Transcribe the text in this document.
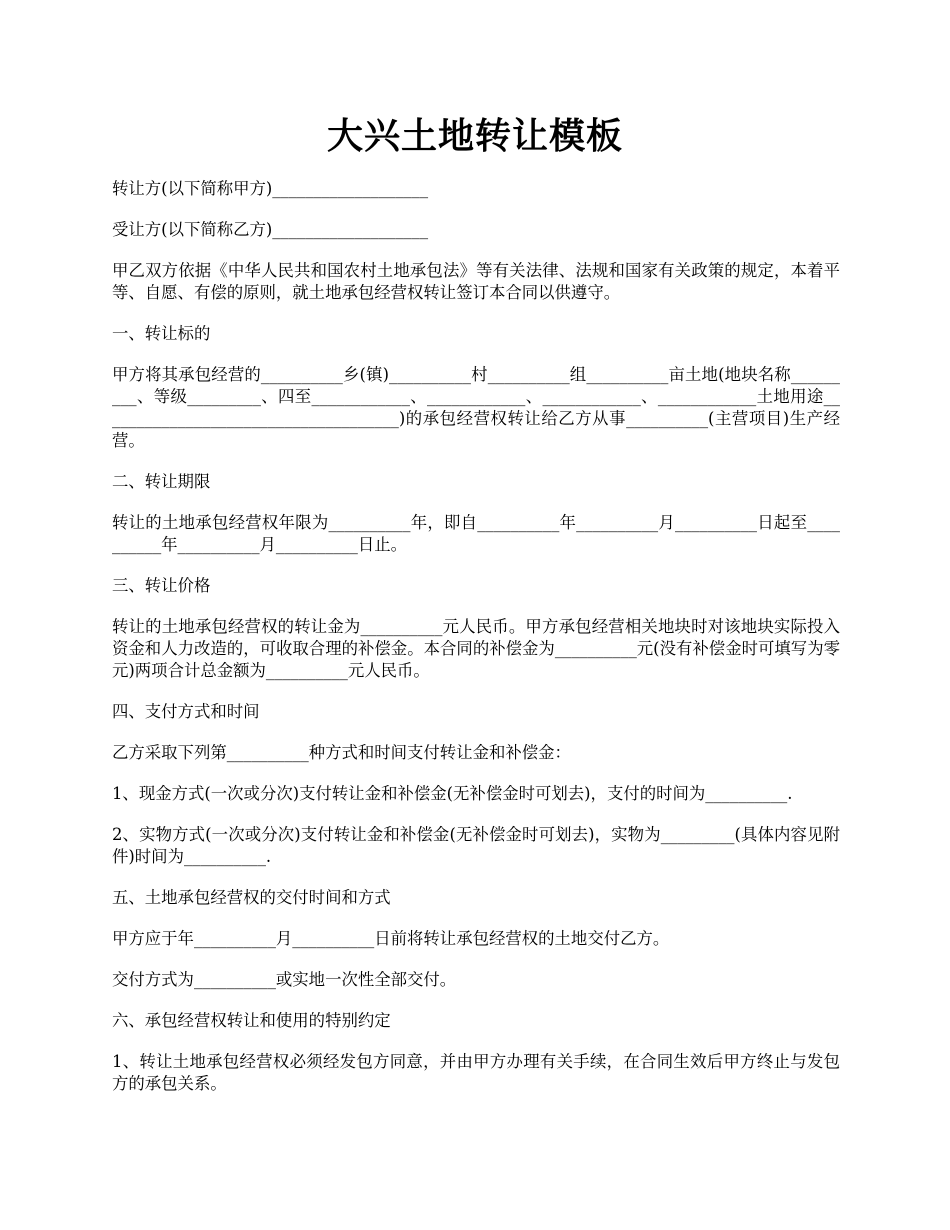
大兴土地转让模板

转让方(以下简称甲方)___________________

受让方(以下简称乙方)___________________

甲乙双方依据《中华人民共和国农村土地承包法》等有关法律、法规和国家有关政策的规定，本着平等、自愿、有偿的原则，就土地承包经营权转让签订本合同以供遵守。

一、转让标的

甲方将其承包经营的__________乡(镇)__________村__________组__________亩土地(地块名称_________、等级_________、四至____________、____________、____________、____________土地用途_____________________________________)的承包经营权转让给乙方从事__________(主营项目)生产经营。

二、转让期限

转让的土地承包经营权年限为__________年，即自__________年__________月__________日起至__________年__________月__________日止。

三、转让价格

转让的土地承包经营权的转让金为__________元人民币。甲方承包经营相关地块时对该地块实际投入资金和人力改造的，可收取合理的补偿金。本合同的补偿金为__________元(没有补偿金时可填写为零元)两项合计总金额为__________元人民币。

四、支付方式和时间

乙方采取下列第__________种方式和时间支付转让金和补偿金：

1、现金方式(一次或分次)支付转让金和补偿金(无补偿金时可划去)，支付的时间为__________.

2、实物方式(一次或分次)支付转让金和补偿金(无补偿金时可划去)，实物为_________(具体内容见附件)时间为__________.

五、土地承包经营权的交付时间和方式

甲方应于年__________月__________日前将转让承包经营权的土地交付乙方。

交付方式为__________或实地一次性全部交付。

六、承包经营权转让和使用的特别约定

1、转让土地承包经营权必须经发包方同意，并由甲方办理有关手续，在合同生效后甲方终止与发包方的承包关系。
